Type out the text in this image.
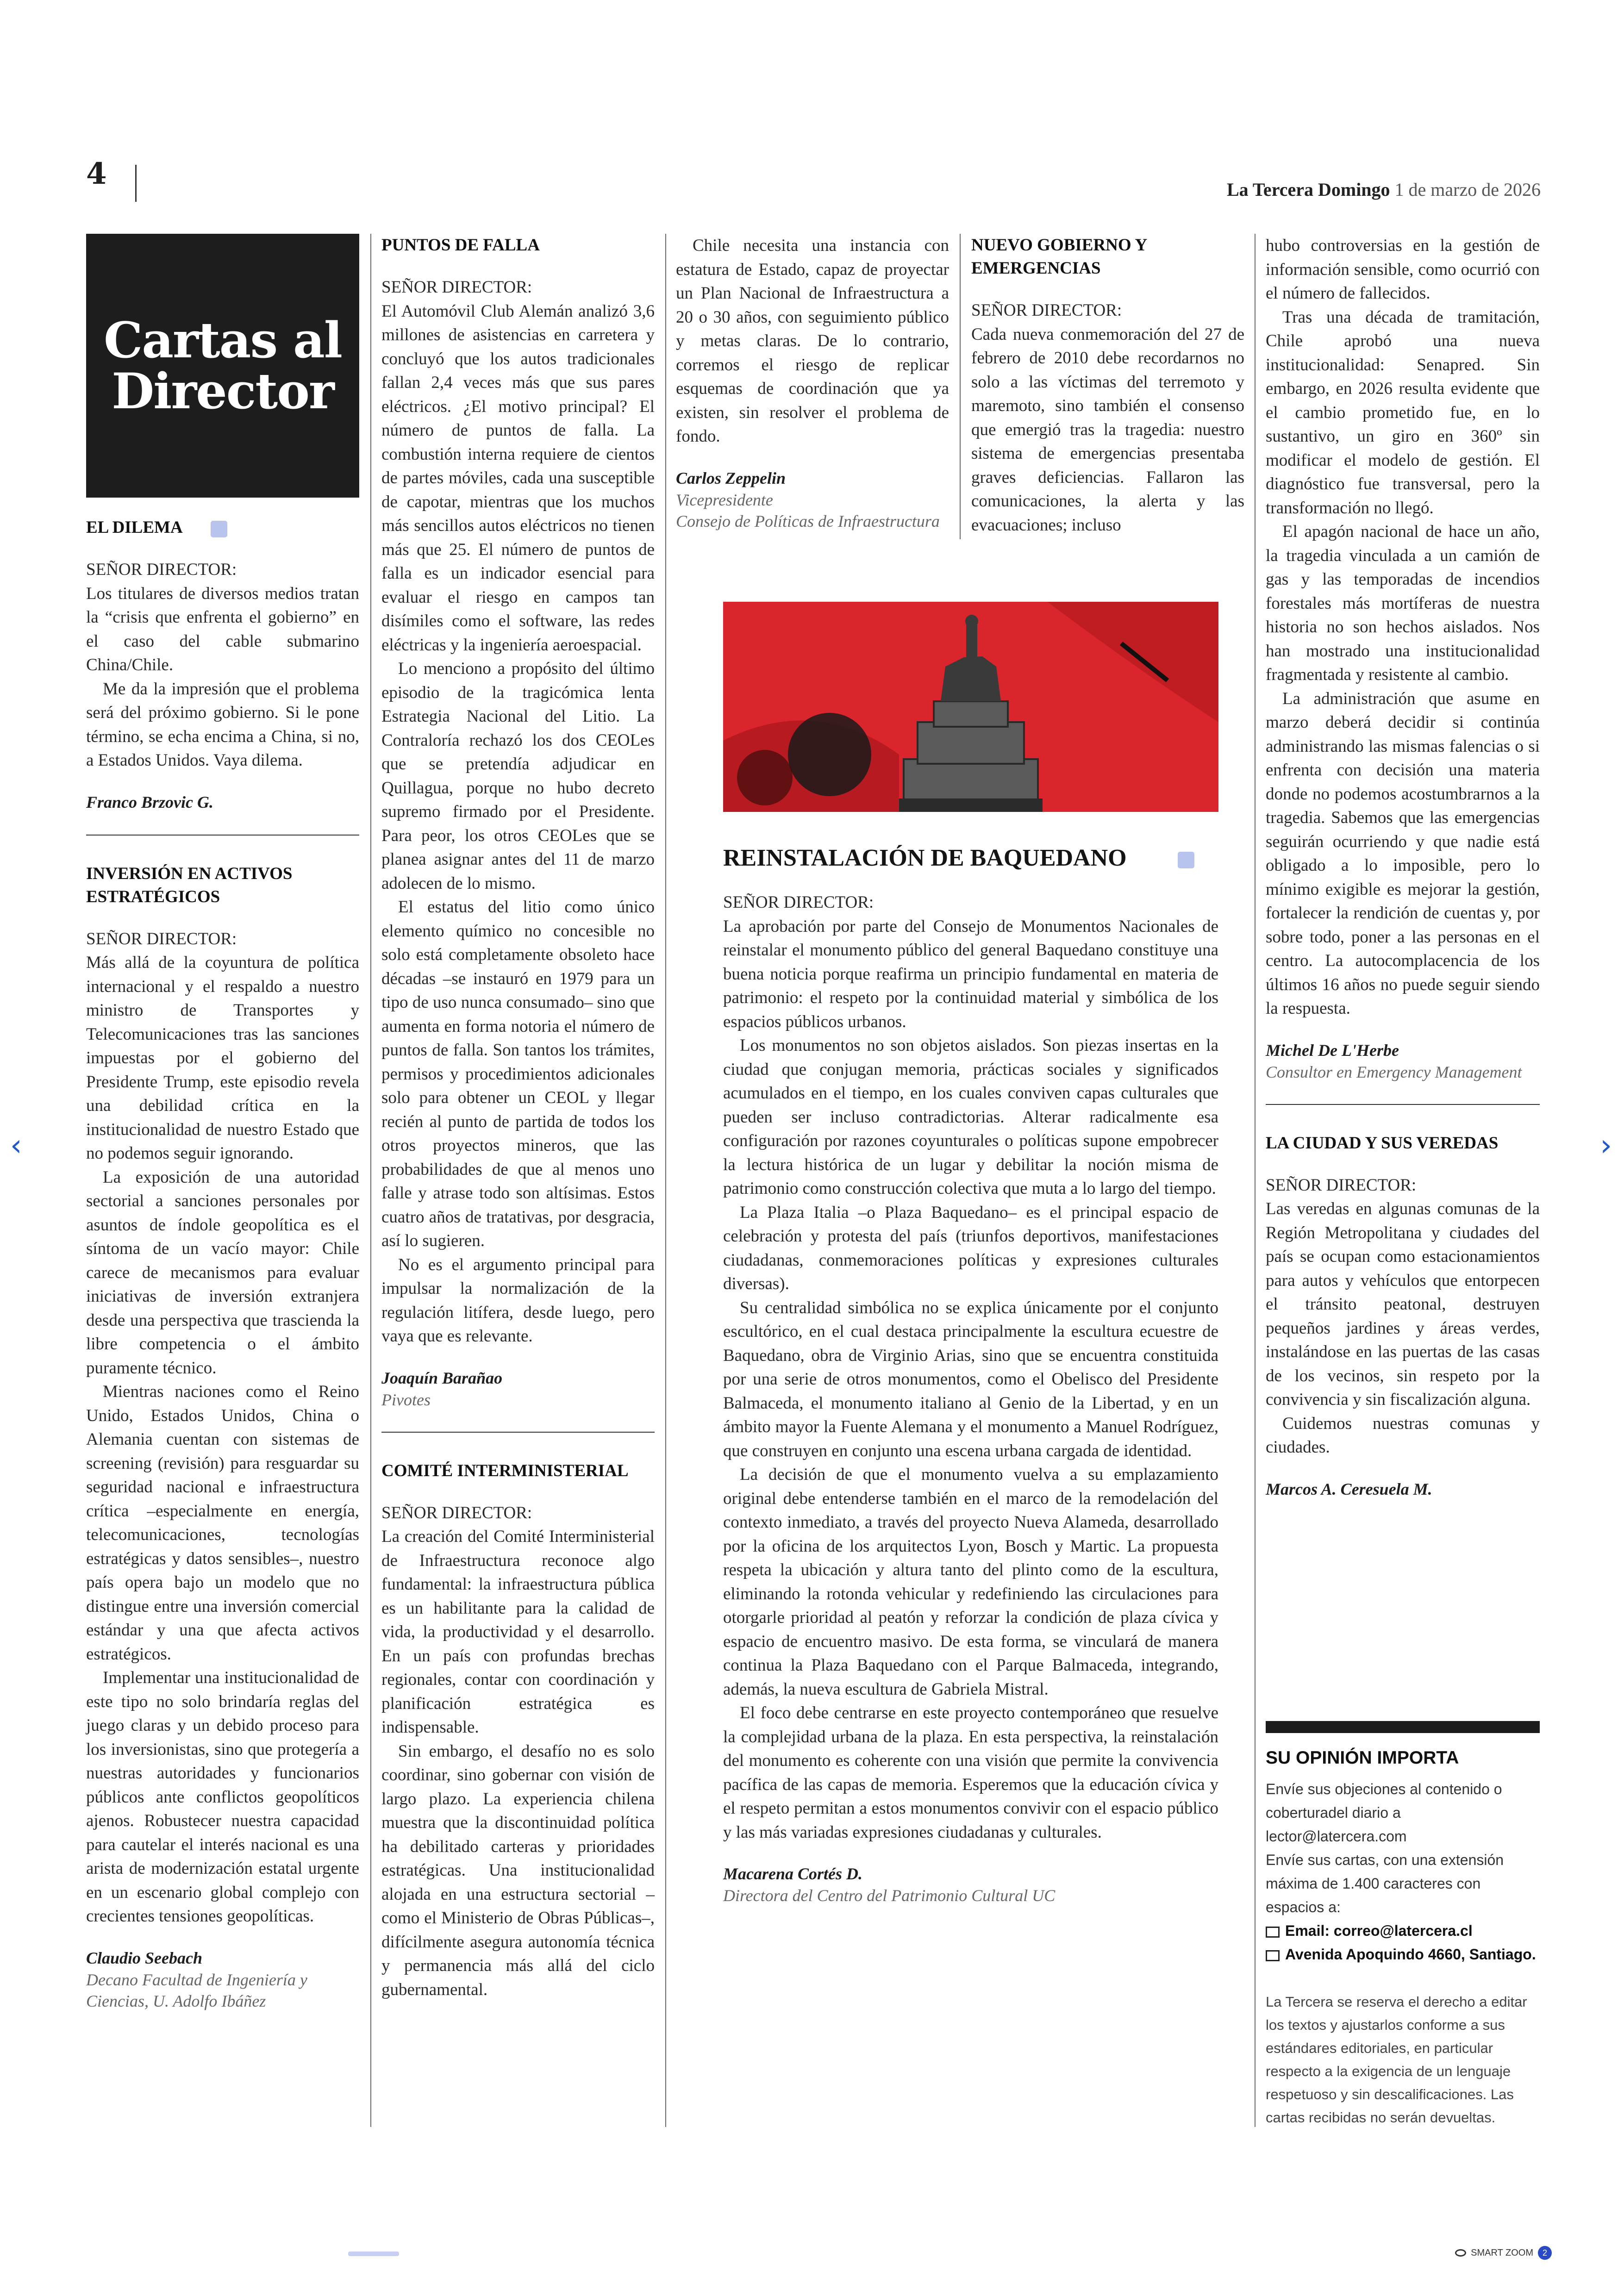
4	La Tercera Domingo 1 de marzo de 2026
Cartas al
Director
EL DILEMA
SEÑOR DIRECTOR:
Los titulares de diversos medios tratan la “crisis que enfrenta el gobierno” en el caso del cable submarino China/Chile.
Me da la impresión que el problema será del próximo gobierno. Si le pone término, se echa encima a China, si no, a Estados Unidos. Vaya dilema.
Franco Brzovic G.
INVERSIÓN EN ACTIVOS ESTRATÉGICOS
SEÑOR DIRECTOR:
Más allá de la coyuntura de política internacional y el respaldo a nuestro ministro de Transportes y Telecomunicaciones tras las sanciones impuestas por el gobierno del Presidente Trump, este episodio revela una debilidad crítica en la institucionalidad de nuestro Estado que no podemos seguir ignorando.
La exposición de una autoridad sectorial a sanciones personales por asuntos de índole geopolítica es el síntoma de un vacío mayor: Chile carece de mecanismos para evaluar iniciativas de inversión extranjera desde una perspectiva que trascienda la libre competencia o el ámbito puramente técnico.
Mientras naciones como el Reino Unido, Estados Unidos, China o Alemania cuentan con sistemas de screening (revisión) para resguardar su seguridad nacional e infraestructura crítica –especialmente en energía, telecomunicaciones, tecnologías estratégicas y datos sensibles–, nuestro país opera bajo un modelo que no distingue entre una inversión comercial estándar y una que afecta activos estratégicos.
Implementar una institucionalidad de este tipo no solo brindaría reglas del juego claras y un debido proceso para los inversionistas, sino que protegería a nuestras autoridades y funcionarios públicos ante conflictos geopolíticos ajenos. Robustecer nuestra capacidad para cautelar el interés nacional es una arista de modernización estatal urgente en un escenario global complejo con crecientes tensiones geopolíticas.
Claudio Seebach
Decano Facultad de Ingeniería y Ciencias, U. Adolfo Ibáñez
PUNTOS DE FALLA
SEÑOR DIRECTOR:
El Automóvil Club Alemán analizó 3,6 millones de asistencias en carretera y concluyó que los autos tradicionales fallan 2,4 veces más que sus pares eléctricos. ¿El motivo principal? El número de puntos de falla. La combustión interna requiere de cientos de partes móviles, cada una susceptible de capotar, mientras que los muchos más sencillos autos eléctricos no tienen más que 25. El número de puntos de falla es un indicador esencial para evaluar el riesgo en campos tan disímiles como el software, las redes eléctricas y la ingeniería aeroespacial.
Lo menciono a propósito del último episodio de la tragicómica lenta Estrategia Nacional del Litio. La Contraloría rechazó los dos CEOLes que se pretendía adjudicar en Quillagua, porque no hubo decreto supremo firmado por el Presidente. Para peor, los otros CEOLes que se planea asignar antes del 11 de marzo adolecen de lo mismo.
El estatus del litio como único elemento químico no concesible no solo está completamente obsoleto hace décadas –se instauró en 1979 para un tipo de uso nunca consumado– sino que aumenta en forma notoria el número de puntos de falla. Son tantos los trámites, permisos y procedimientos adicionales solo para obtener un CEOL y llegar recién al punto de partida de todos los otros proyectos mineros, que las probabilidades de que al menos uno falle y atrase todo son altísimas. Estos cuatro años de tratativas, por desgracia, así lo sugieren.
No es el argumento principal para impulsar la normalización de la regulación litífera, desde luego, pero vaya que es relevante.
Joaquín Barañao
Pivotes
COMITÉ INTERMINISTERIAL
SEÑOR DIRECTOR:
La creación del Comité Interministerial de Infraestructura reconoce algo fundamental: la infraestructura pública es un habilitante para la calidad de vida, la productividad y el desarrollo. En un país con profundas brechas regionales, contar con coordinación y planificación estratégica es indispensable.
Sin embargo, el desafío no es solo coordinar, sino gobernar con visión de largo plazo. La experiencia chilena muestra que la discontinuidad política ha debilitado carteras y prioridades estratégicas. Una institucionalidad alojada en una estructura sectorial –como el Ministerio de Obras Públicas–, difícilmente asegura autonomía técnica y permanencia más allá del ciclo gubernamental.
Chile necesita una instancia con estatura de Estado, capaz de proyectar un Plan Nacional de Infraestructura a 20 o 30 años, con seguimiento público y metas claras. De lo contrario, corremos el riesgo de replicar esquemas de coordinación que ya existen, sin resolver el problema de fondo.
Carlos Zeppelin
Vicepresidente
Consejo de Políticas de Infraestructura
NUEVO GOBIERNO Y EMERGENCIAS
SEÑOR DIRECTOR:
Cada nueva conmemoración del 27 de febrero de 2010 debe recordarnos no solo a las víctimas del terremoto y maremoto, sino también el consenso que emergió tras la tragedia: nuestro sistema de emergencias presentaba graves deficiencias. Fallaron las comunicaciones, la alerta y las evacuaciones; incluso
REINSTALACIÓN DE BAQUEDANO
SEÑOR DIRECTOR:
La aprobación por parte del Consejo de Monumentos Nacionales de reinstalar el monumento público del general Baquedano constituye una buena noticia porque reafirma un principio fundamental en materia de patrimonio: el respeto por la continuidad material y simbólica de los espacios públicos urbanos.
Los monumentos no son objetos aislados. Son piezas insertas en la ciudad que conjugan memoria, prácticas sociales y significados acumulados en el tiempo, en los cuales conviven capas culturales que pueden ser incluso contradictorias. Alterar radicalmente esa configuración por razones coyunturales o políticas supone empobrecer la lectura histórica de un lugar y debilitar la noción misma de patrimonio como construcción colectiva que muta a lo largo del tiempo.
La Plaza Italia –o Plaza Baquedano– es el principal espacio de celebración y protesta del país (triunfos deportivos, manifestaciones ciudadanas, conmemoraciones políticas y expresiones culturales diversas).
Su centralidad simbólica no se explica únicamente por el conjunto escultórico, en el cual destaca principalmente la escultura ecuestre de Baquedano, obra de Virginio Arias, sino que se encuentra constituida por una serie de otros monumentos, como el Obelisco del Presidente Balmaceda, el monumento italiano al Genio de la Libertad, y en un ámbito mayor la Fuente Alemana y el monumento a Manuel Rodríguez, que construyen en conjunto una escena urbana cargada de identidad.
La decisión de que el monumento vuelva a su emplazamiento original debe entenderse también en el marco de la remodelación del contexto inmediato, a través del proyecto Nueva Alameda, desarrollado por la oficina de los arquitectos Lyon, Bosch y Martic. La propuesta respeta la ubicación y altura tanto del plinto como de la escultura, eliminando la rotonda vehicular y redefiniendo las circulaciones para otorgarle prioridad al peatón y reforzar la condición de plaza cívica y espacio de encuentro masivo. De esta forma, se vinculará de manera continua la Plaza Baquedano con el Parque Balmaceda, integrando, además, la nueva escultura de Gabriela Mistral.
El foco debe centrarse en este proyecto contemporáneo que resuelve la complejidad urbana de la plaza. En esta perspectiva, la reinstalación del monumento es coherente con una visión que permite la convivencia pacífica de las capas de memoria. Esperemos que la educación cívica y el respeto permitan a estos monumentos convivir con el espacio público y las más variadas expresiones ciudadanas y culturales.
Macarena Cortés D.
Directora del Centro del Patrimonio Cultural UC
hubo controversias en la gestión de información sensible, como ocurrió con el número de fallecidos.
Tras una década de tramitación, Chile aprobó una nueva institucionalidad: Senapred. Sin embargo, en 2026 resulta evidente que el cambio prometido fue, en lo sustantivo, un giro en 360º sin modificar el modelo de gestión. El diagnóstico fue transversal, pero la transformación no llegó.
El apagón nacional de hace un año, la tragedia vinculada a un camión de gas y las temporadas de incendios forestales más mortíferas de nuestra historia no son hechos aislados. Nos han mostrado una institucionalidad fragmentada y resistente al cambio.
La administración que asume en marzo deberá decidir si continúa administrando las mismas falencias o si enfrenta con decisión una materia donde no podemos acostumbrarnos a la tragedia. Sabemos que las emergencias seguirán ocurriendo y que nadie está obligado a lo imposible, pero lo mínimo exigible es mejorar la gestión, fortalecer la rendición de cuentas y, por sobre todo, poner a las personas en el centro. La autocomplacencia de los últimos 16 años no puede seguir siendo la respuesta.
Michel De L'Herbe
Consultor en Emergency Management
LA CIUDAD Y SUS VEREDAS
SEÑOR DIRECTOR:
Las veredas en algunas comunas de la Región Metropolitana y ciudades del país se ocupan como estacionamientos para autos y vehículos que entorpecen el tránsito peatonal, destruyen pequeños jardines y áreas verdes, instalándose en las puertas de las casas de los vecinos, sin respeto por la convivencia y sin fiscalización alguna.
Cuidemos nuestras comunas y ciudades.
Marcos A. Ceresuela M.
SU OPINIÓN IMPORTA
Envíe sus objeciones al contenido o coberturadel diario a lector@latercera.com
Envíe sus cartas, con una extensión máxima de 1.400 caracteres con espacios a:
Email: correo@latercera.cl
Avenida Apoquindo 4660, Santiago.
La Tercera se reserva el derecho a editar los textos y ajustarlos conforme a sus estándares editoriales, en particular respecto a la exigencia de un lenguaje respetuoso y sin descalificaciones. Las cartas recibidas no serán devueltas.
‹	›
SMART ZOOM	2
